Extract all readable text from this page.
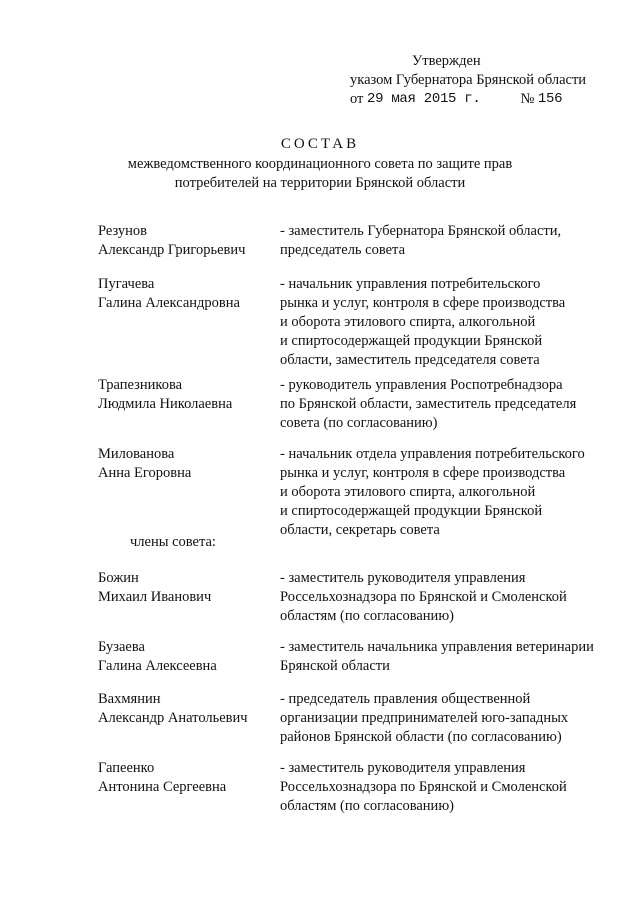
Утвержден
указом Губернатора Брянской области
от 29 мая 2015 г.	№ 156
СОСТАВ
межведомственного координационного совета по защите прав
потребителей на территории Брянской области
Резунов
Александр Григорьевич
- заместитель Губернатора Брянской области,
председатель совета
Пугачева
Галина Александровна
- начальник управления потребительского
рынка и услуг, контроля в сфере производства
и оборота этилового спирта, алкогольной
и спиртосодержащей продукции Брянской
области, заместитель председателя совета
Трапезникова
Людмила Николаевна
- руководитель управления Роспотребнадзора
по Брянской области, заместитель председателя
совета (по согласованию)
Милованова
Анна Егоровна
- начальник отдела управления потребительского
рынка и услуг, контроля в сфере производства
и оборота этилового спирта, алкогольной
и спиртосодержащей продукции Брянской
области, секретарь совета
члены совета:
Божин
Михаил Иванович
- заместитель руководителя управления
Россельхознадзора по Брянской и Смоленской
областям (по согласованию)
Бузаева
Галина Алексеевна
- заместитель начальника управления ветеринарии
Брянской области
Вахмянин
Александр Анатольевич
- председатель правления общественной
организации предпринимателей юго-западных
районов Брянской области (по согласованию)
Гапеенко
Антонина Сергеевна
- заместитель руководителя управления
Россельхознадзора по Брянской и Смоленской
областям (по согласованию)
